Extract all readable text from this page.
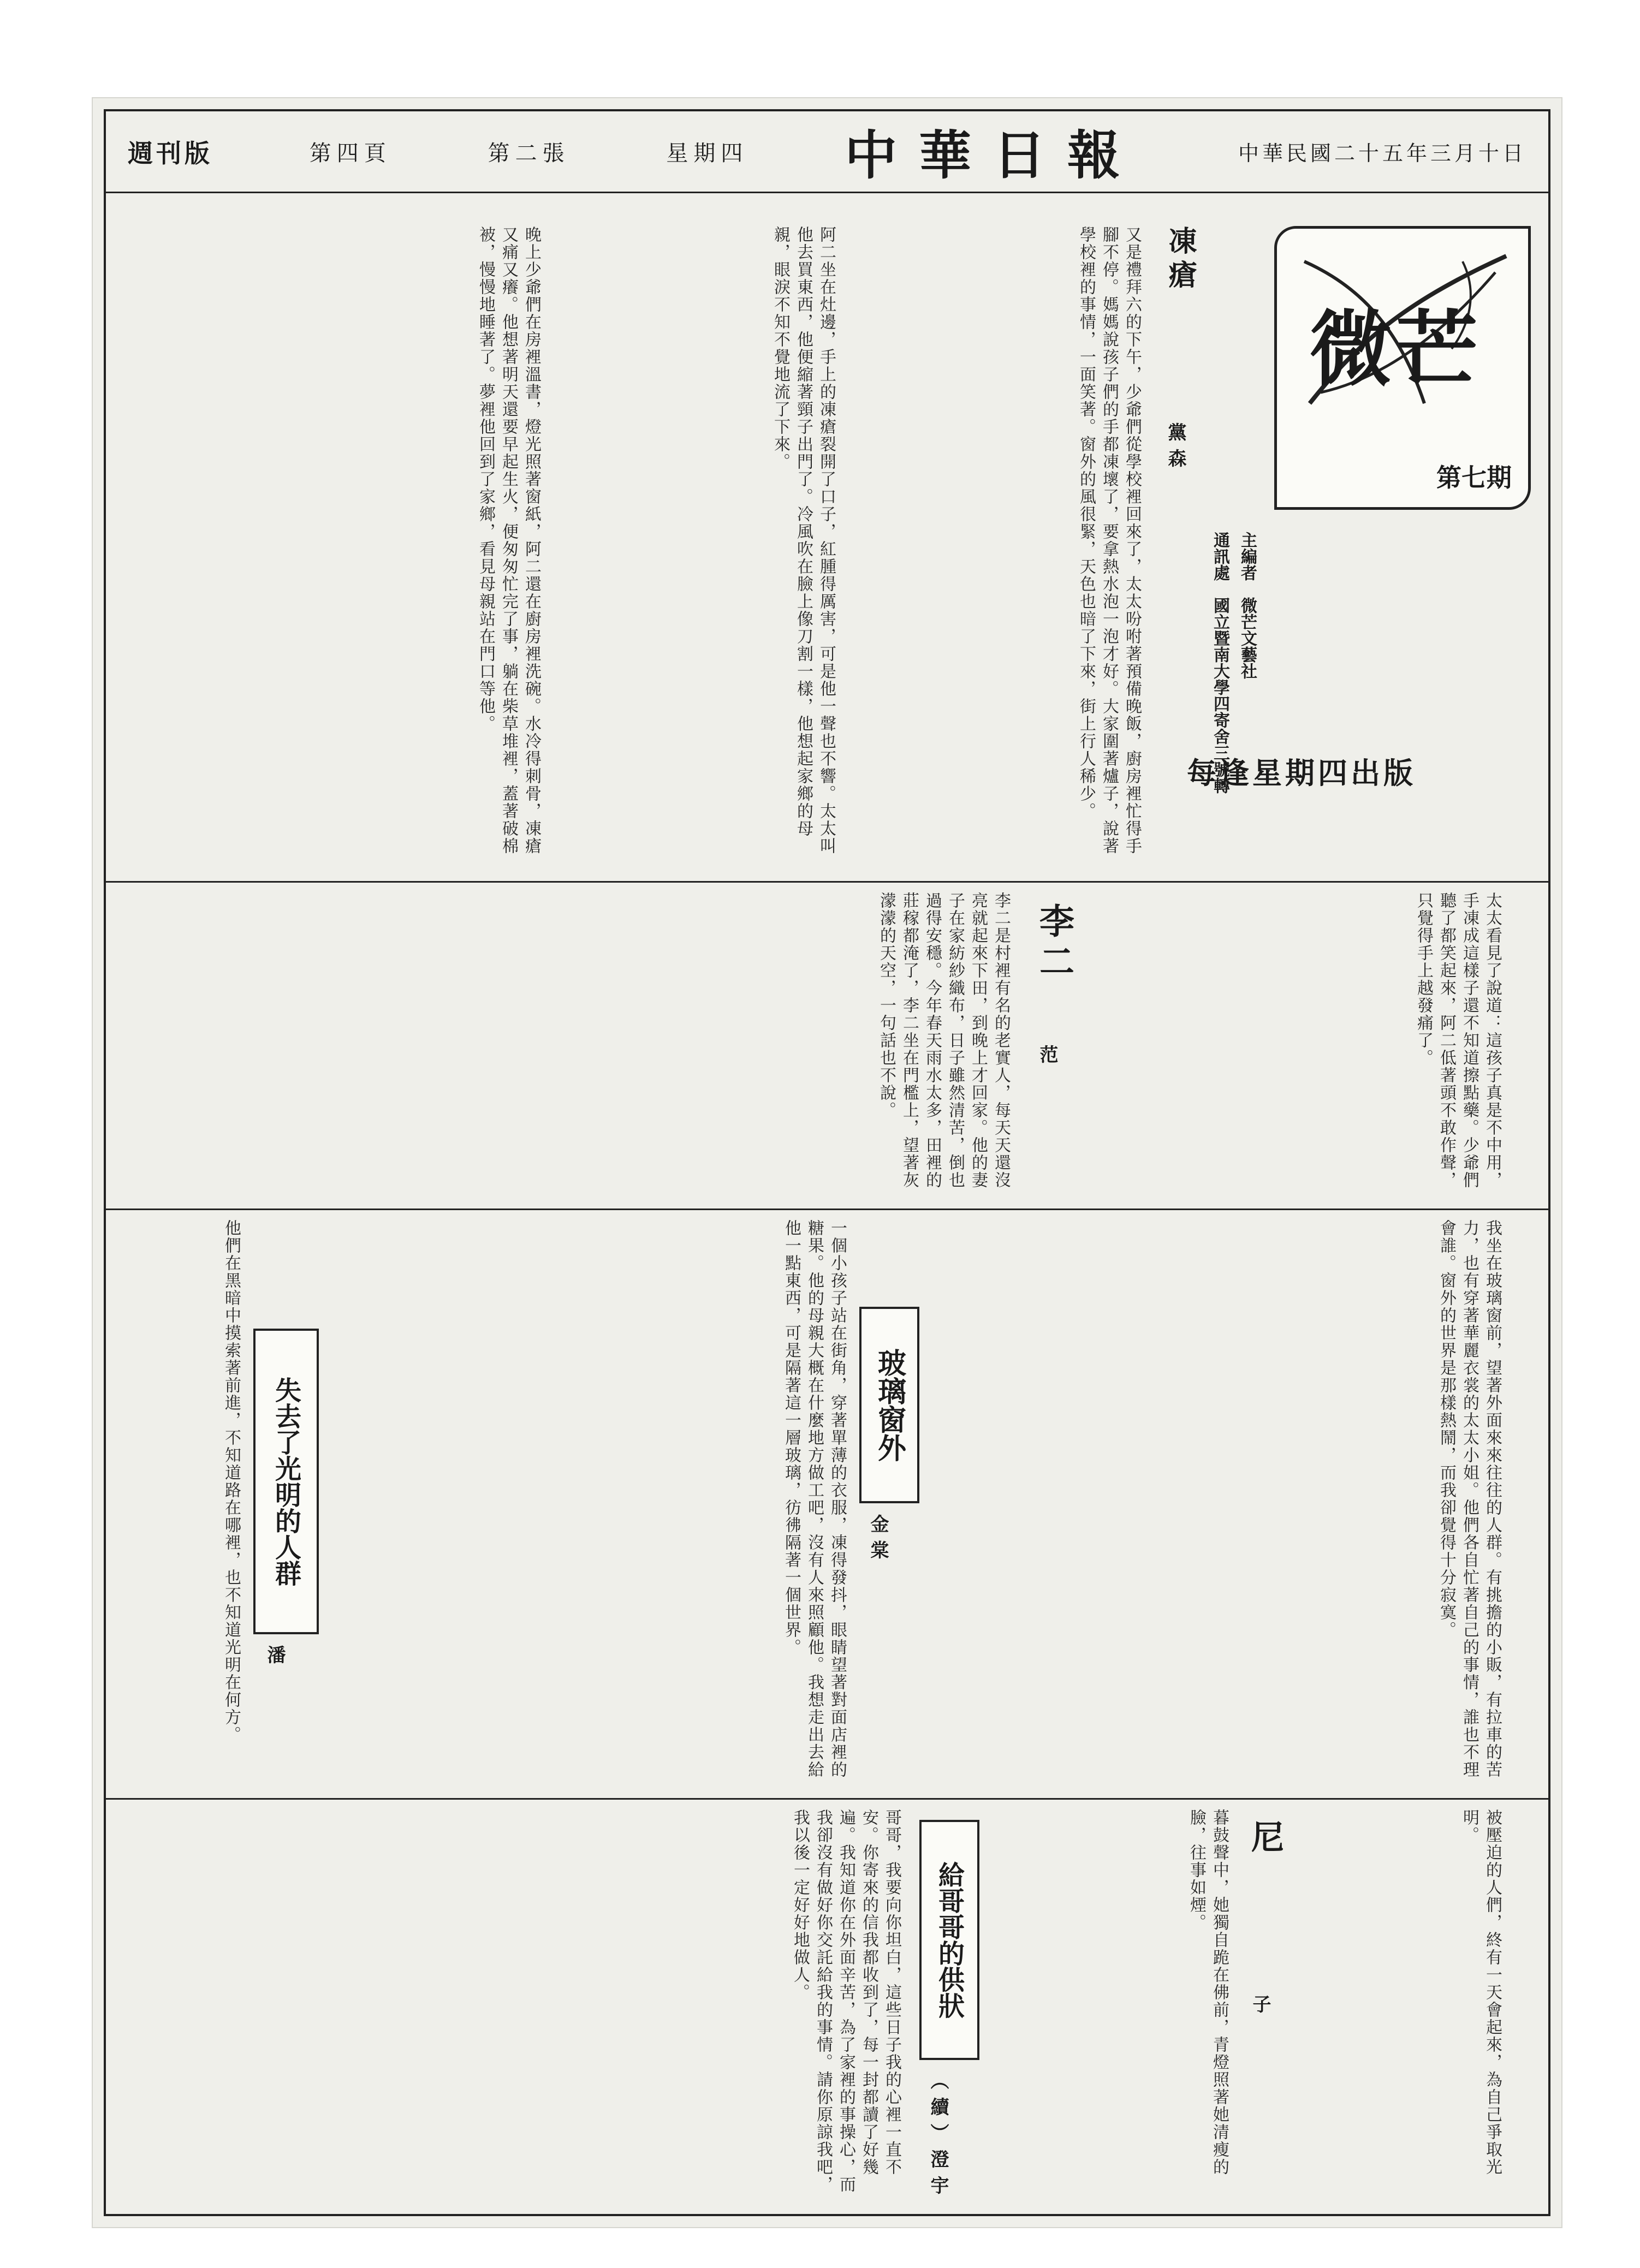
週刊版	第四頁	第二張	星期四 中華日報	中華民國二十五年三月十日
微芒
第七期
主編者　微芒文藝社
通訊處　國立暨南大學四寄舍三號轉
每逢星期四出版
凍瘡
黨森
又是禮拜六的下午，少爺們從學校裡回來了，太太吩咐著預備晚飯，廚房裡忙得手腳不停。媽媽說孩子們的手都凍壞了，要拿熱水泡一泡才好。大家圍著爐子，說著學校裡的事情，一面笑著。窗外的風很緊，天色也暗了下來，街上行人稀少。
阿二坐在灶邊，手上的凍瘡裂開了口子，紅腫得厲害，可是他一聲也不響。太太叫他去買東西，他便縮著頸子出門了。冷風吹在臉上像刀割一樣，他想起家鄉的母親，眼淚不知不覺地流了下來。
晚上少爺們在房裡溫書，燈光照著窗紙，阿二還在廚房裡洗碗。水冷得刺骨，凍瘡又痛又癢。他想著明天還要早起生火，便匆匆忙完了事，躺在柴草堆裡，蓋著破棉被，慢慢地睡著了。夢裡他回到了家鄉，看見母親站在門口等他。
太太看見了說道：這孩子真是不中用，手凍成這樣子還不知道擦點藥。少爺們聽了都笑起來，阿二低著頭不敢作聲，只覺得手上越發痛了。
李二
范
李二是村裡有名的老實人，每天天還沒亮就起來下田，到晚上才回家。他的妻子在家紡紗織布，日子雖然清苦，倒也過得安穩。今年春天雨水太多，田裡的莊稼都淹了，李二坐在門檻上，望著灰濛濛的天空，一句話也不說。
玻璃窗外
金棠	我坐在玻璃窗前，望著外面來來往往的人群。有挑擔的小販，有拉車的苦力，也有穿著華麗衣裳的太太小姐。他們各自忙著自己的事情，誰也不理會誰。窗外的世界是那樣熱鬧，而我卻覺得十分寂寞。
一個小孩子站在街角，穿著單薄的衣服，凍得發抖，眼睛望著對面店裡的糖果。他的母親大概在什麼地方做工吧，沒有人來照顧他。我想走出去給他一點東西，可是隔著這一層玻璃，彷彿隔著一個世界。
失去了光明的人群
潘
他們在黑暗中摸索著前進，不知道路在哪裡，也不知道光明在何方。
被壓迫的人們，終有一天會起來，為自己爭取光明。
尼
子
暮鼓聲中，她獨自跪在佛前，青燈照著她清瘦的臉，往事如煙。
給哥哥的供狀
（續）澄宇
哥哥，我要向你坦白，這些日子我的心裡一直不安。你寄來的信我都收到了，每一封都讀了好幾遍。我知道你在外面辛苦，為了家裡的事操心，而我卻沒有做好你交託給我的事情。請你原諒我吧，我以後一定好好地做人。
